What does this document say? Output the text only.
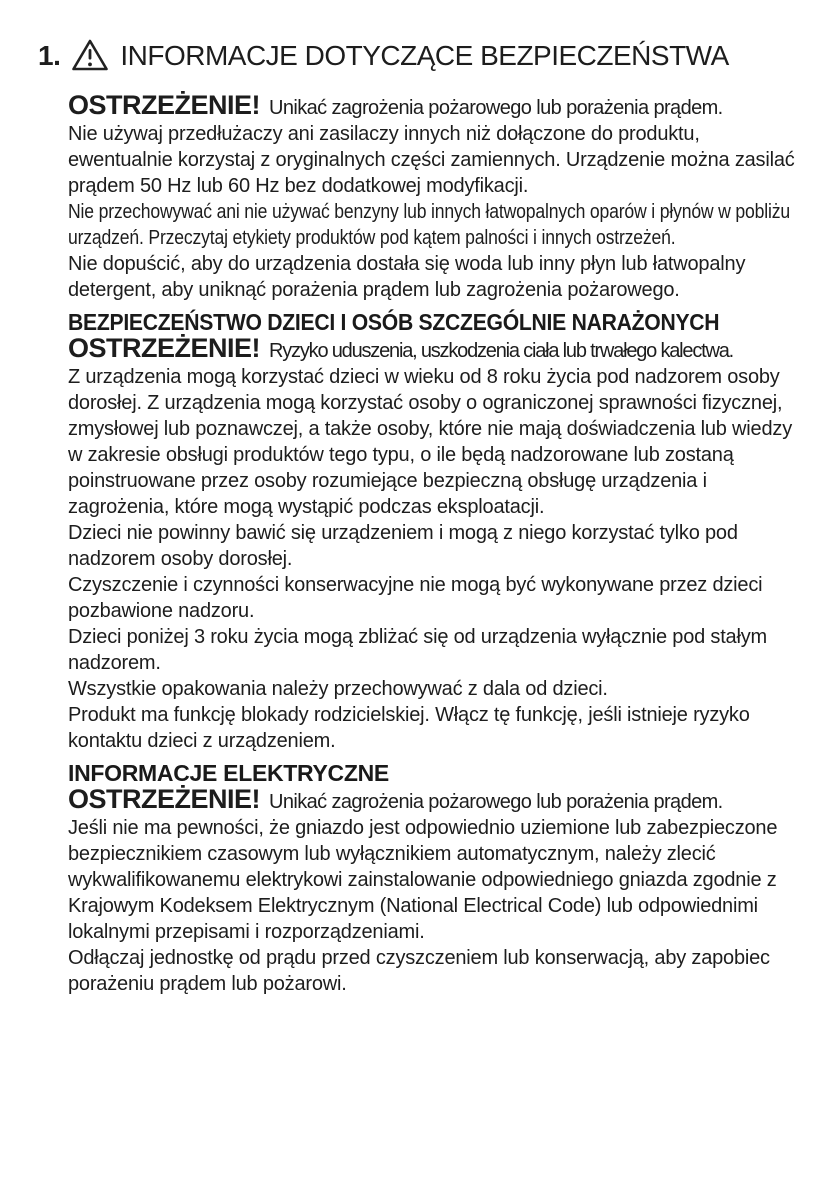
1. INFORMACJE DOTYCZĄCE BEZPIECZEŃSTWA

OSTRZEŻENIE! Unikać zagrożenia pożarowego lub porażenia prądem.

Nie używaj przedłużaczy ani zasilaczy innych niż dołączone do produktu, ewentualnie korzystaj z oryginalnych części zamiennych. Urządzenie można zasilać prądem 50 Hz lub 60 Hz bez dodatkowej modyfikacji.

Nie przechowywać ani nie używać benzyny lub innych łatwopalnych oparów i płynów w pobliżu urządzeń. Przeczytaj etykiety produktów pod kątem palności i innych ostrzeżeń.

Nie dopuścić, aby do urządzenia dostała się woda lub inny płyn lub łatwopalny detergent, aby uniknąć porażenia prądem lub zagrożenia pożarowego.

BEZPIECZEŃSTWO DZIECI I OSÓB SZCZEGÓLNIE NARAŻONYCH

OSTRZEŻENIE! Ryzyko uduszenia, uszkodzenia ciała lub trwałego kalectwa.

Z urządzenia mogą korzystać dzieci w wieku od 8 roku życia pod nadzorem osoby dorosłej. Z urządzenia mogą korzystać osoby o ograniczonej sprawności fizycznej, zmysłowej lub poznawczej, a także osoby, które nie mają doświadczenia lub wiedzy w zakresie obsługi produktów tego typu, o ile będą nadzorowane lub zostaną poinstruowane przez osoby rozumiejące bezpieczną obsługę urządzenia i zagrożenia, które mogą wystąpić podczas eksploatacji.

Dzieci nie powinny bawić się urządzeniem i mogą z niego korzystać tylko pod nadzorem osoby dorosłej.

Czyszczenie i czynności konserwacyjne nie mogą być wykonywane przez dzieci pozbawione nadzoru.

Dzieci poniżej 3 roku życia mogą zbliżać się od urządzenia wyłącznie pod stałym nadzorem.

Wszystkie opakowania należy przechowywać z dala od dzieci.

Produkt ma funkcję blokady rodzicielskiej. Włącz tę funkcję, jeśli istnieje ryzyko kontaktu dzieci z urządzeniem.

INFORMACJE ELEKTRYCZNE

OSTRZEŻENIE! Unikać zagrożenia pożarowego lub porażenia prądem.

Jeśli nie ma pewności, że gniazdo jest odpowiednio uziemione lub zabezpieczone bezpiecznikiem czasowym lub wyłącznikiem automatycznym, należy zlecić wykwalifikowanemu elektrykowi zainstalowanie odpowiedniego gniazda zgodnie z Krajowym Kodeksem Elektrycznym (National Electrical Code) lub odpowiednimi lokalnymi przepisami i rozporządzeniami.

Odłączaj jednostkę od prądu przed czyszczeniem lub konserwacją, aby zapobiec porażeniu prądem lub pożarowi.
